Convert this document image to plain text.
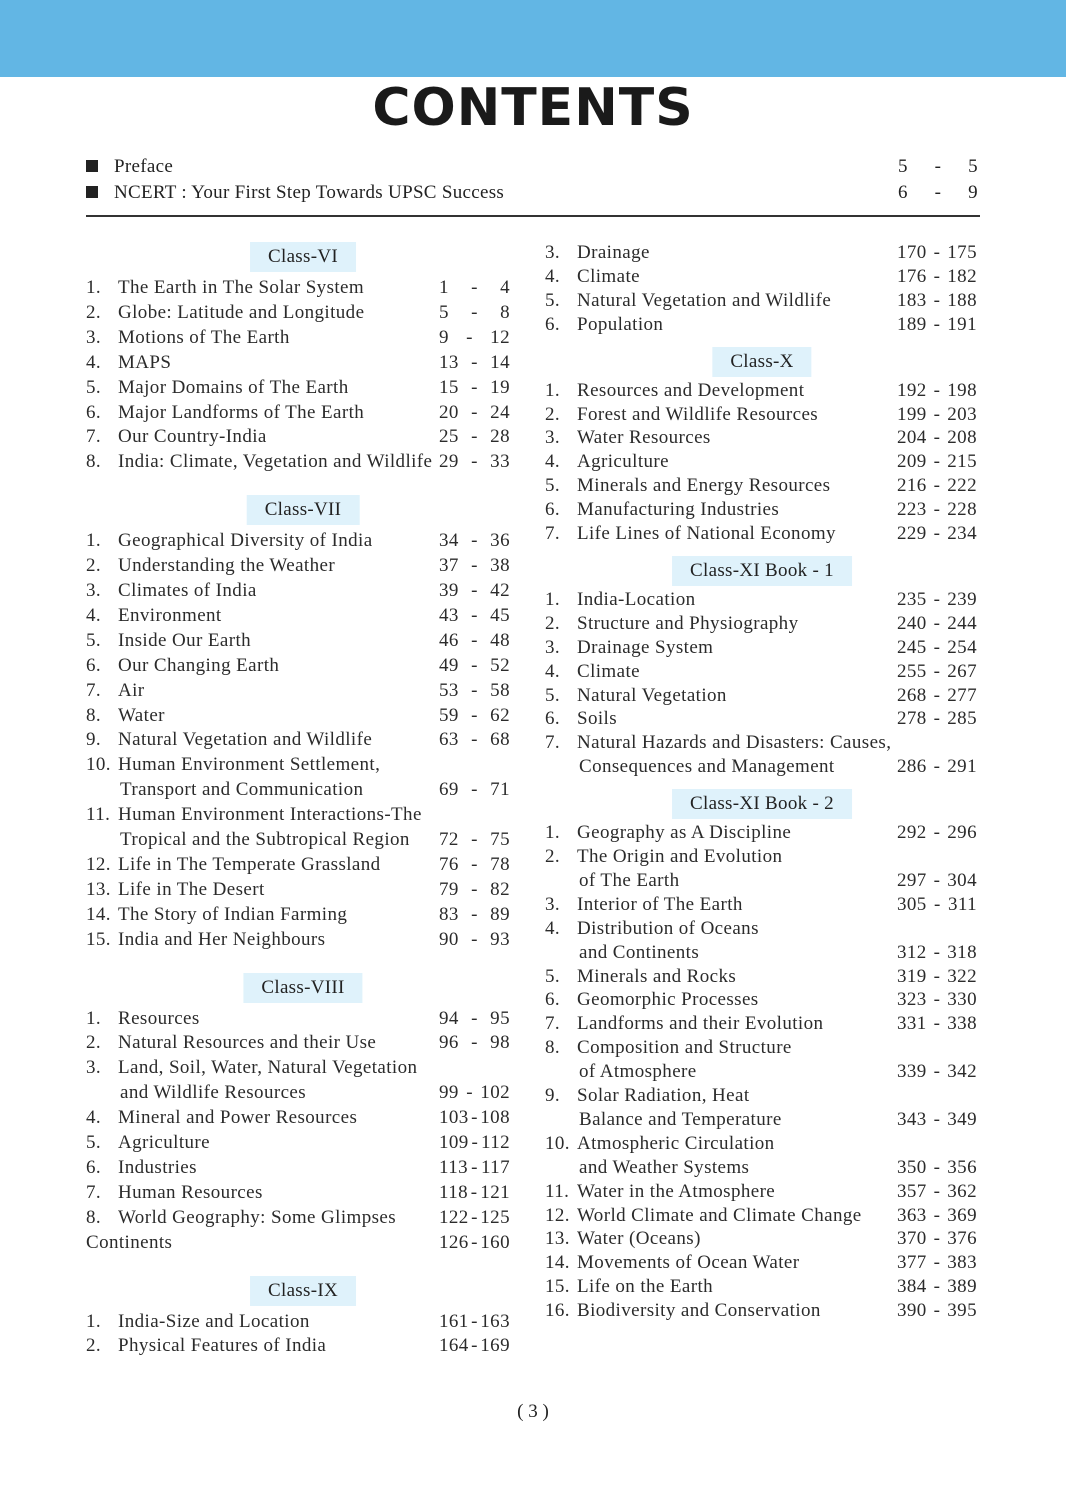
CONTENTS
Preface	5 - 5
NCERT : Your First Step Towards UPSC Success	6 - 9
Class-VI
1. The Earth in The Solar System	1 - 4
2. Globe: Latitude and Longitude	5 - 8
3. Motions of The Earth	9 - 12
4. MAPS	13 - 14
5. Major Domains of The Earth	15 - 19
6. Major Landforms of The Earth	20 - 24
7. Our Country-India	25 - 28
8. India: Climate, Vegetation and Wildlife 29 - 33
Class-VII
1. Geographical Diversity of India	34 - 36
2. Understanding the Weather	37 - 38
3. Climates of India	39 - 42
4. Environment	43 - 45
5. Inside Our Earth	46 - 48
6. Our Changing Earth	49 - 52
7. Air	53 - 58
8. Water	59 - 62
9. Natural Vegetation and Wildlife	63 - 68
10. Human Environment Settlement,
Transport and Communication	69 - 71
11. Human Environment Interactions-The
Tropical and the Subtropical Region 72 - 75
12. Life in The Temperate Grassland	76 - 78
13. Life in The Desert	79 - 82
14. The Story of Indian Farming	83 - 89
15. India and Her Neighbours	90 - 93
Class-VIII
1. Resources	94 - 95
2. Natural Resources and their Use	96 - 98
3. Land, Soil, Water, Natural Vegetation
and Wildlife Resources	99 - 102
4. Mineral and Power Resources	103 - 108
5. Agriculture	109 - 112
6. Industries	113 - 117
7. Human Resources	118 - 121
8. World Geography: Some Glimpses 122 - 125
Continents	126 - 160
Class-IX
1. India-Size and Location	161 - 163
2. Physical Features of India	164 - 169
3. Drainage	170 - 175
4. Climate	176 - 182
5. Natural Vegetation and Wildlife	183 - 188
6. Population	189 - 191
Class-X
1. Resources and Development	192 - 198
2. Forest and Wildlife Resources	199 - 203
3. Water Resources	204 - 208
4. Agriculture	209 - 215
5. Minerals and Energy Resources	216 - 222
6. Manufacturing Industries	223 - 228
7. Life Lines of National Economy	229 - 234
Class-XI Book - 1
1. India-Location	235 - 239
2. Structure and Physiography	240 - 244
3. Drainage System	245 - 254
4. Climate	255 - 267
5. Natural Vegetation	268 - 277
6. Soils	278 - 285
7. Natural Hazards and Disasters: Causes,
Consequences and Management	286 - 291
Class-XI Book - 2
1. Geography as A Discipline	292 - 296
2. The Origin and Evolution
of The Earth	297 - 304
3. Interior of The Earth	305 - 311
4. Distribution of Oceans
and Continents	312 - 318
5. Minerals and Rocks	319 - 322
6. Geomorphic Processes	323 - 330
7. Landforms and their Evolution	331 - 338
8. Composition and Structure
of Atmosphere	339 - 342
9. Solar Radiation, Heat
Balance and Temperature	343 - 349
10. Atmospheric Circulation
and Weather Systems	350 - 356
11. Water in the Atmosphere	357 - 362
12. World Climate and Climate Change 363 - 369
13. Water (Oceans)	370 - 376
14. Movements of Ocean Water	377 - 383
15. Life on the Earth	384 - 389
16. Biodiversity and Conservation	390 - 395
( 3 )
